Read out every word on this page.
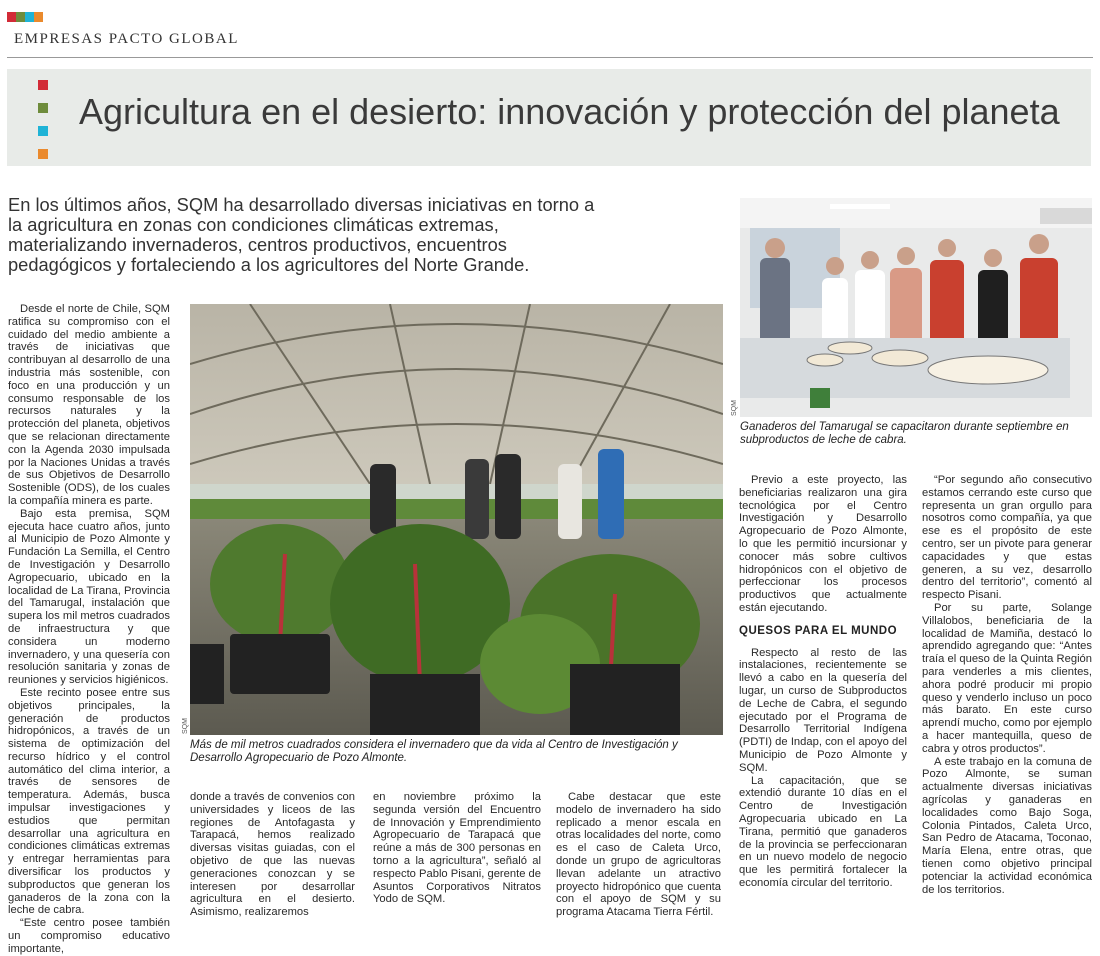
EMPRESAS PACTO GLOBAL
Agricultura en el desierto: innovación y protección del planeta

En los últimos años, SQM ha desarrollado diversas iniciativas en torno a la agricultura en zonas con condiciones climáticas extremas, materializando invernaderos, centros productivos, encuentros pedagógicos y fortaleciendo a los agricultores del Norte Grande.

SQM
Más de mil metros cuadrados considera el invernadero que da vida al Centro de Investigación y Desarrollo Agropecuario de Pozo Almonte.
SQM
Ganaderos del Tamarugal se capacitaron durante septiembre en subproductos de leche de cabra.

Desde el norte de Chile, SQM ratifica su compromiso con el cuidado del medio ambiente a través de iniciativas que contribuyan al desarrollo de una industria más sostenible, con foco en una producción y un consumo responsable de los recursos naturales y la protección del planeta, objetivos que se relacionan directamente con la Agenda 2030 impulsada por la Naciones Unidas a través de sus Objetivos de Desarrollo Sostenible (ODS), de los cuales la compañía minera es parte.

Bajo esta premisa, SQM ejecuta hace cuatro años, junto al Municipio de Pozo Almonte y Fundación La Semilla, el Centro de Investigación y Desarrollo Agropecuario, ubicado en la localidad de La Tirana, Provincia del Tamarugal, instalación que supera los mil metros cuadrados de infraestructura y que considera un moderno invernadero, y una quesería con resolución sanitaria y zonas de reuniones y servicios higiénicos.

Este recinto posee entre sus objetivos principales, la generación de productos hidropónicos, a través de un sistema de optimización del recurso hídrico y el control automático del clima interior, a través de sensores de temperatura. Además, busca impulsar investigaciones y estudios que permitan desarrollar una agricultura en condiciones climáticas extremas y entregar herramientas para diversificar los productos y subproductos que generan los ganaderos de la zona con la leche de cabra.

“Este centro posee también un compromiso educativo importante,

donde a través de convenios con universidades y liceos de las regiones de Antofagasta y Tarapacá, hemos realizado diversas visitas guiadas, con el objetivo de que las nuevas generaciones conozcan y se interesen por desarrollar agricultura en el desierto. Asimismo, realizaremos

en noviembre próximo la segunda versión del Encuentro de Innovación y Emprendimiento Agropecuario de Tarapacá que reúne a más de 300 personas en torno a la agricultura”, señaló al respecto Pablo Pisani, gerente de Asuntos Corporativos Nitratos Yodo de SQM.

Cabe destacar que este modelo de invernadero ha sido replicado a menor escala en otras localidades del norte, como es el caso de Caleta Urco, donde un grupo de agricultoras llevan adelante un atractivo proyecto hidropónico que cuenta con el apoyo de SQM y su programa Atacama Tierra Fértil.

Previo a este proyecto, las beneficiarias realizaron una gira tecnológica por el Centro Investigación y Desarrollo Agropecuario de Pozo Almonte, lo que les permitió incursionar y conocer más sobre cultivos hidropónicos con el objetivo de perfeccionar los procesos productivos que actualmente están ejecutando.

QUESOS PARA EL MUNDO

Respecto al resto de las instalaciones, recientemente se llevó a cabo en la quesería del lugar, un curso de Subproductos de Leche de Cabra, el segundo ejecutado por el Programa de Desarrollo Territorial Indígena (PDTI) de Indap, con el apoyo del Municipio de Pozo Almonte y SQM.

La capacitación, que se extendió durante 10 días en el Centro de Investigación Agropecuaria ubicado en La Tirana, permitió que ganaderos de la provincia se perfeccionaran en un nuevo modelo de negocio que les permitirá fortalecer la economía circular del territorio.

“Por segundo año consecutivo estamos cerrando este curso que representa un gran orgullo para nosotros como compañía, ya que ese es el propósito de este centro, ser un pivote para generar capacidades y que estas generen, a su vez, desarrollo dentro del territorio”, comentó al respecto Pisani.

Por su parte, Solange Villalobos, beneficiaria de la localidad de Mamiña, destacó lo aprendido agregando que: “Antes traía el queso de la Quinta Región para venderles a mis clientes, ahora podré producir mi propio queso y venderlo incluso un poco más barato. En este curso aprendí mucho, como por ejemplo a hacer mantequilla, queso de cabra y otros productos”.

A este trabajo en la comuna de Pozo Almonte, se suman actualmente diversas iniciativas agrícolas y ganaderas en localidades como Bajo Soga, Colonia Pintados, Caleta Urco, San Pedro de Atacama, Toconao, María Elena, entre otras, que tienen como objetivo principal potenciar la actividad económica de los territorios.
